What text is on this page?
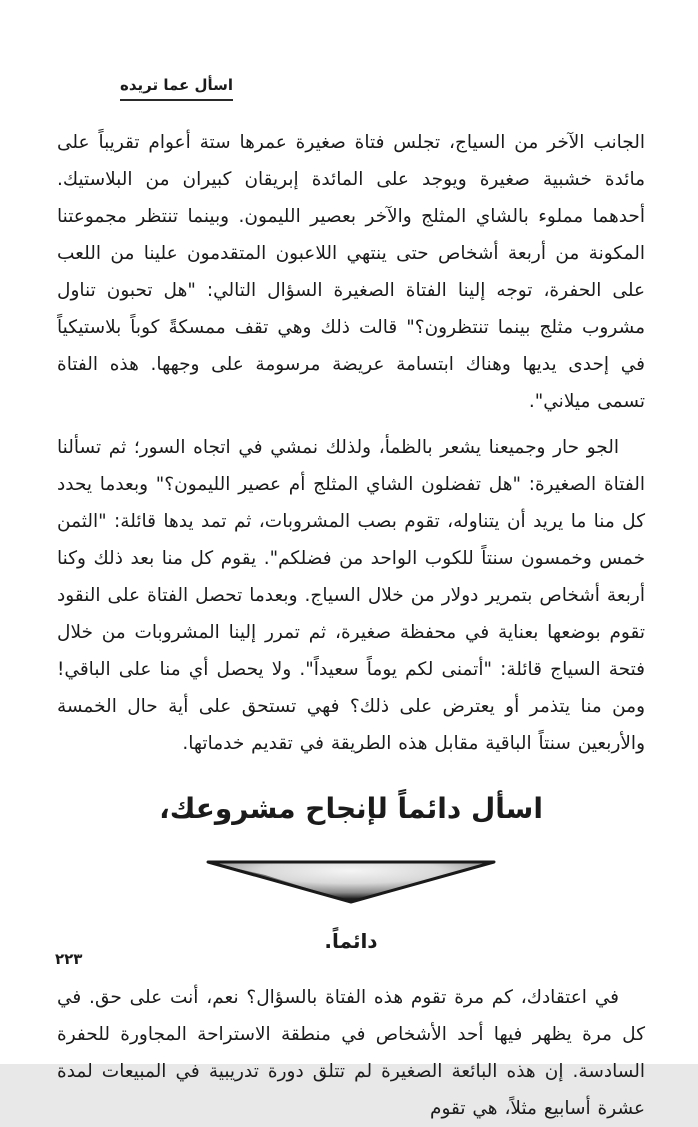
اسأل عما تريده

الجانب الآخر من السياج، تجلس فتاة صغيرة عمرها ستة أعوام تقريباً على مائدة خشبية صغيرة ويوجد على المائدة إبريقان كبيران من البلاستيك. أحدهما مملوء بالشاي المثلج والآخر بعصير الليمون. وبينما تنتظر مجموعتنا المكونة من أربعة أشخاص حتى ينتهي اللاعبون المتقدمون علينا من اللعب على الحفرة، توجه إلينا الفتاة الصغيرة السؤال التالي: "هل تحبون تناول مشروب مثلج بينما تنتظرون؟" قالت ذلك وهي تقف ممسكةً كوباً بلاستيكياً في إحدى يديها وهناك ابتسامة عريضة مرسومة على وجهها. هذه الفتاة تسمى ميلاني".

الجو حار وجميعنا يشعر بالظمأ، ولذلك نمشي في اتجاه السور؛ ثم تسألنا الفتاة الصغيرة: "هل تفضلون الشاي المثلج أم عصير الليمون؟" وبعدما يحدد كل منا ما يريد أن يتناوله، تقوم بصب المشروبات، ثم تمد يدها قائلة: "الثمن خمس وخمسون سنتاً للكوب الواحد من فضلكم". يقوم كل منا بعد ذلك وكنا أربعة أشخاص بتمرير دولار من خلال السياج. وبعدما تحصل الفتاة على النقود تقوم بوضعها بعناية في محفظة صغيرة، ثم تمرر إلينا المشروبات من خلال فتحة السياج قائلة: "أتمنى لكم يوماً سعيداً". ولا يحصل أي منا على الباقي! ومن منا يتذمر أو يعترض على ذلك؟ فهي تستحق على أية حال الخمسة والأربعين سنتاً الباقية مقابل هذه الطريقة في تقديم خدماتها.

اسأل دائماً لإنجاح مشروعك،

دائماً.

في اعتقادك، كم مرة تقوم هذه الفتاة بالسؤال؟ نعم، أنت على حق. في كل مرة يظهر فيها أحد الأشخاص في منطقة الاستراحة المجاورة للحفرة السادسة. إن هذه البائعة الصغيرة لم تتلق دورة تدريبية في المبيعات لمدة عشرة أسابيع مثلاً، هي تقوم

٢٢٣
